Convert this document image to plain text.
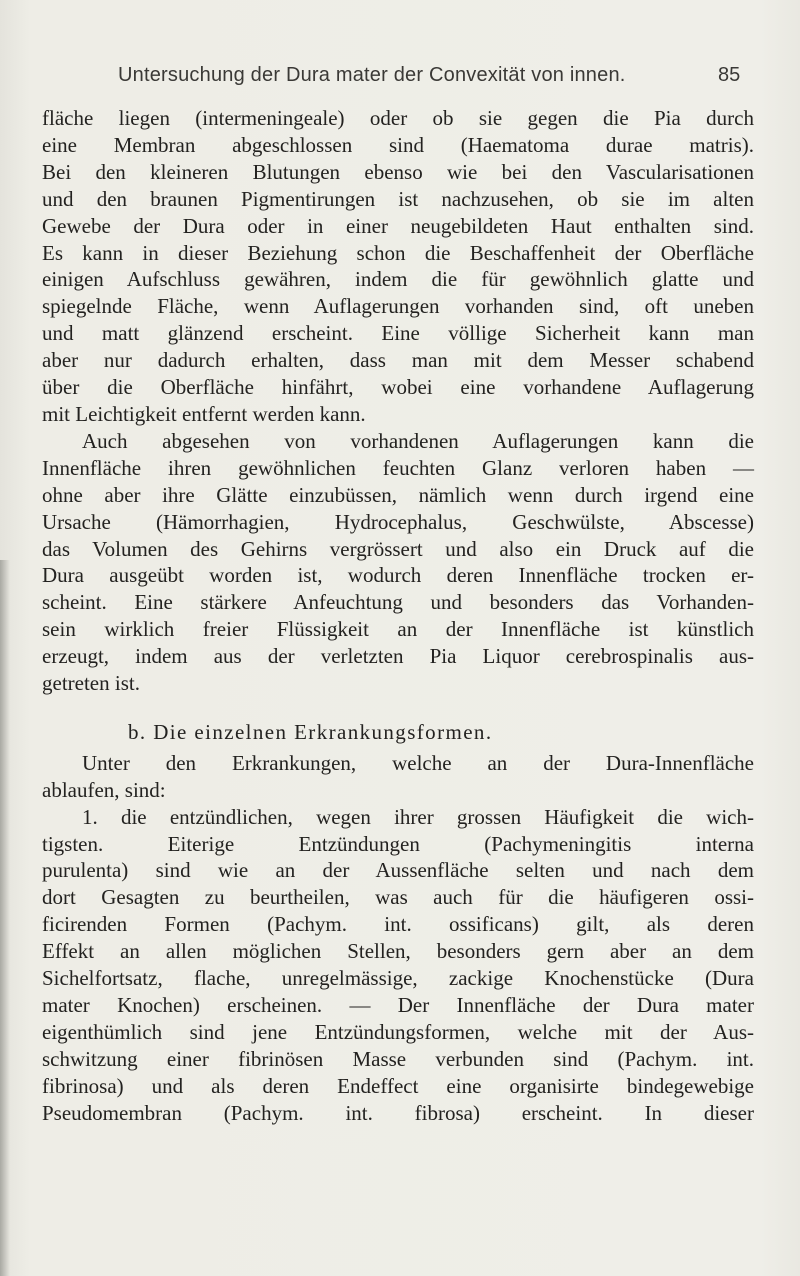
Untersuchung der Dura mater der Convexität von innen.	85
fläche liegen (intermeningeale) oder ob sie gegen die Pia durch
eine Membran abgeschlossen sind (Haematoma durae matris).
Bei den kleineren Blutungen ebenso wie bei den Vascularisationen
und den braunen Pigmentirungen ist nachzusehen, ob sie im alten
Gewebe der Dura oder in einer neugebildeten Haut enthalten sind.
Es kann in dieser Beziehung schon die Beschaffenheit der Oberfläche
einigen Aufschluss gewähren, indem die für gewöhnlich glatte und
spiegelnde Fläche, wenn Auflagerungen vorhanden sind, oft uneben
und matt glänzend erscheint. Eine völlige Sicherheit kann man
aber nur dadurch erhalten, dass man mit dem Messer schabend
über die Oberfläche hinfährt, wobei eine vorhandene Auflagerung
mit Leichtigkeit entfernt werden kann.
Auch abgesehen von vorhandenen Auflagerungen kann die
Innenfläche ihren gewöhnlichen feuchten Glanz verloren haben —
ohne aber ihre Glätte einzubüssen, nämlich wenn durch irgend eine
Ursache (Hämorrhagien, Hydrocephalus, Geschwülste, Abscesse)
das Volumen des Gehirns vergrössert und also ein Druck auf die
Dura ausgeübt worden ist, wodurch deren Innenfläche trocken er-
scheint. Eine stärkere Anfeuchtung und besonders das Vorhanden-
sein wirklich freier Flüssigkeit an der Innenfläche ist künstlich
erzeugt, indem aus der verletzten Pia Liquor cerebrospinalis aus-
getreten ist.
b. Die einzelnen Erkrankungsformen.
Unter den Erkrankungen, welche an der Dura-Innenfläche
ablaufen, sind:
1. die entzündlichen, wegen ihrer grossen Häufigkeit die wich-
tigsten. Eiterige Entzündungen (Pachymeningitis interna
purulenta) sind wie an der Aussenfläche selten und nach dem
dort Gesagten zu beurtheilen, was auch für die häufigeren ossi-
ficirenden Formen (Pachym. int. ossificans) gilt, als deren
Effekt an allen möglichen Stellen, besonders gern aber an dem
Sichelfortsatz, flache, unregelmässige, zackige Knochenstücke (Dura
mater Knochen) erscheinen. — Der Innenfläche der Dura mater
eigenthümlich sind jene Entzündungsformen, welche mit der Aus-
schwitzung einer fibrinösen Masse verbunden sind (Pachym. int.
fibrinosa) und als deren Endeffect eine organisirte bindegewebige
Pseudomembran (Pachym. int. fibrosa) erscheint. In dieser
